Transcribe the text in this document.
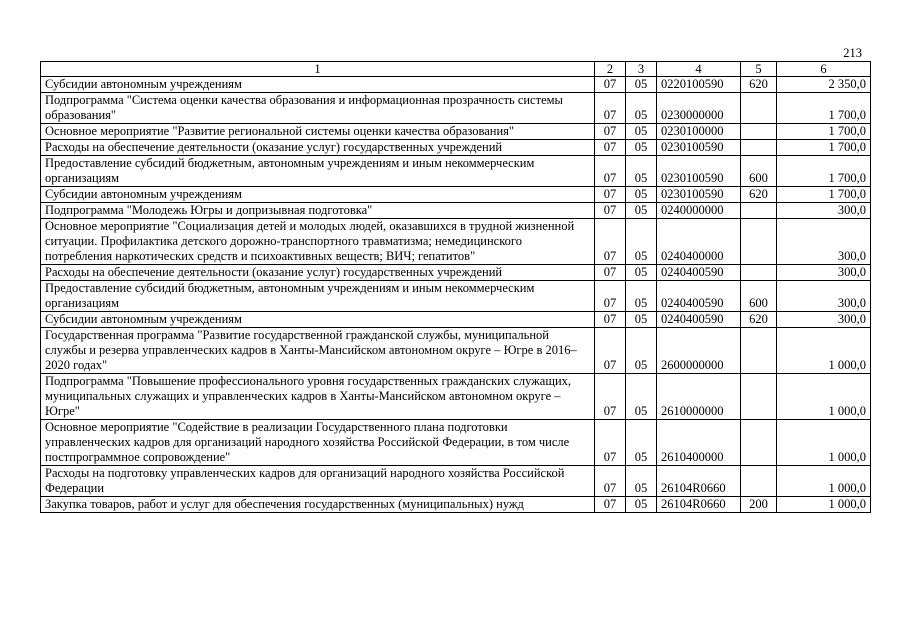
213
1	2	3	4	5	6
Субсидии автономным учреждениям	07	05	0220100590	620	2 350,0
Подпрограмма "Система оценки качества образования и информационная прозрачность системы образования"	07	05	0230000000		1 700,0
Основное мероприятие "Развитие региональной системы оценки качества образования"	07	05	0230100000		1 700,0
Расходы на обеспечение деятельности (оказание услуг) государственных учреждений	07	05	0230100590		1 700,0
Предоставление субсидий бюджетным, автономным учреждениям и иным некоммерческим организациям	07	05	0230100590	600	1 700,0
Субсидии автономным учреждениям	07	05	0230100590	620	1 700,0
Подпрограмма "Молодежь Югры и допризывная подготовка"	07	05	0240000000		300,0
Основное мероприятие "Социализация детей и молодых людей, оказавшихся в трудной жизненной ситуации. Профилактика детского дорожно-транспортного травматизма; немедицинского потребления наркотических средств и психоактивных веществ; ВИЧ; гепатитов"	07	05	0240400000		300,0
Расходы на обеспечение деятельности (оказание услуг) государственных учреждений	07	05	0240400590		300,0
Предоставление субсидий бюджетным, автономным учреждениям и иным некоммерческим организациям	07	05	0240400590	600	300,0
Субсидии автономным учреждениям	07	05	0240400590	620	300,0
Государственная программа "Развитие государственной гражданской службы, муниципальной службы и резерва управленческих кадров в Ханты-Мансийском автономном округе – Югре в 2016–2020 годах"	07	05	2600000000		1 000,0
Подпрограмма "Повышение профессионального уровня государственных гражданских служащих, муниципальных служащих и управленческих кадров в Ханты-Мансийском автономном округе – Югре"	07	05	2610000000		1 000,0
Основное мероприятие "Содействие в реализации Государственного плана подготовки управленческих кадров для организаций народного хозяйства Российской Федерации, в том числе постпрограммное сопровождение"	07	05	2610400000		1 000,0
Расходы на подготовку управленческих кадров для организаций народного хозяйства Российской Федерации	07	05	26104R0660		1 000,0
Закупка товаров, работ и услуг для обеспечения государственных (муниципальных) нужд	07	05	26104R0660	200	1 000,0
